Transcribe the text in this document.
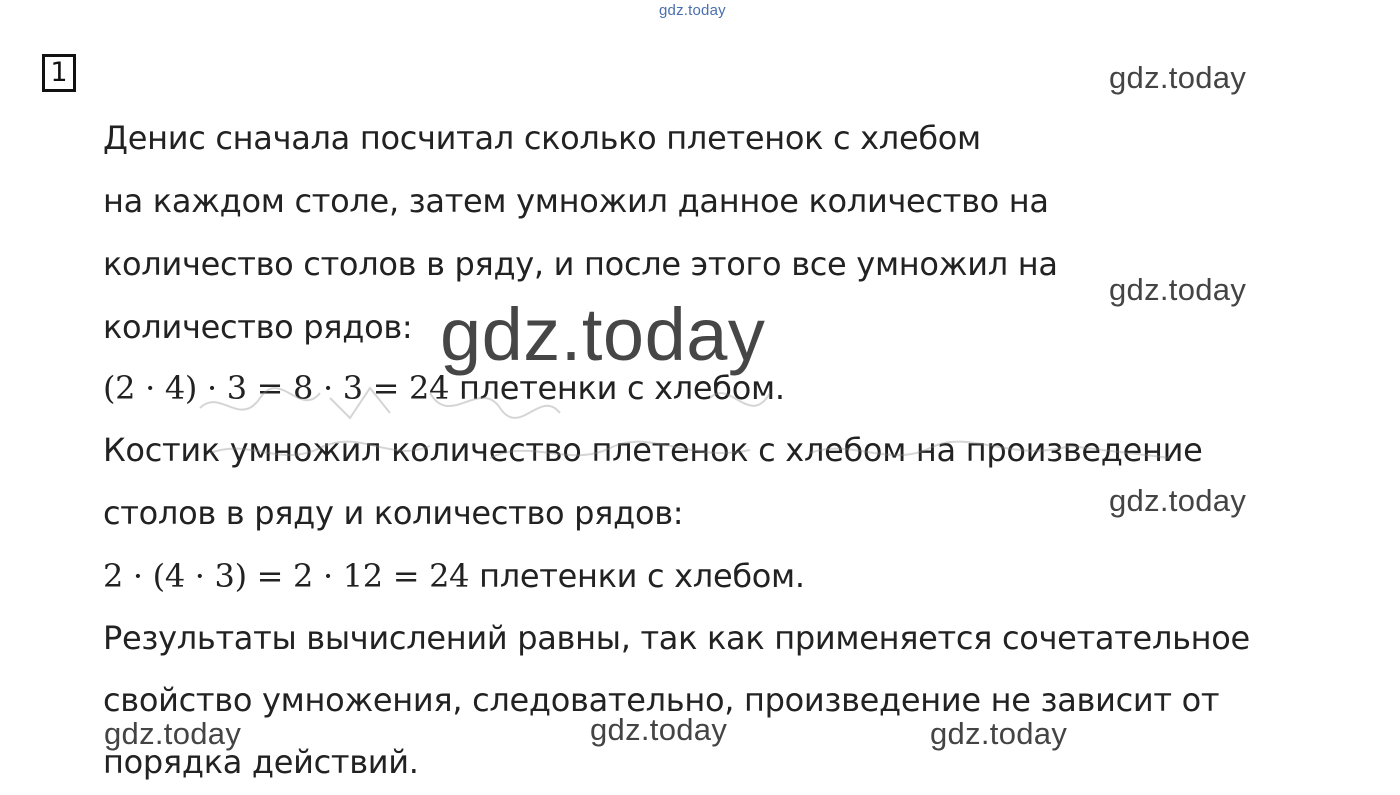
gdz.today
1
Денис сначала посчитал сколько плетенок с хлебом
на каждом столе, затем умножил данное количество на
количество столов в ряду, и после этого все умножил на
количество рядов:
(2 · 4) · 3 = 8 · 3 = 24 плетенки с хлебом.
Костик умножил количество плетенок с хлебом на произведение
столов в ряду и количество рядов:
2 · (4 · 3) = 2 · 12 = 24 плетенки с хлебом.
Результаты вычислений равны, так как применяется сочетательное
свойство умножения, следовательно, произведение не зависит от
порядка действий.
gdz.today
gdz.today
gdz.today
gdz.today
gdz.today	gdz.today	gdz.today
